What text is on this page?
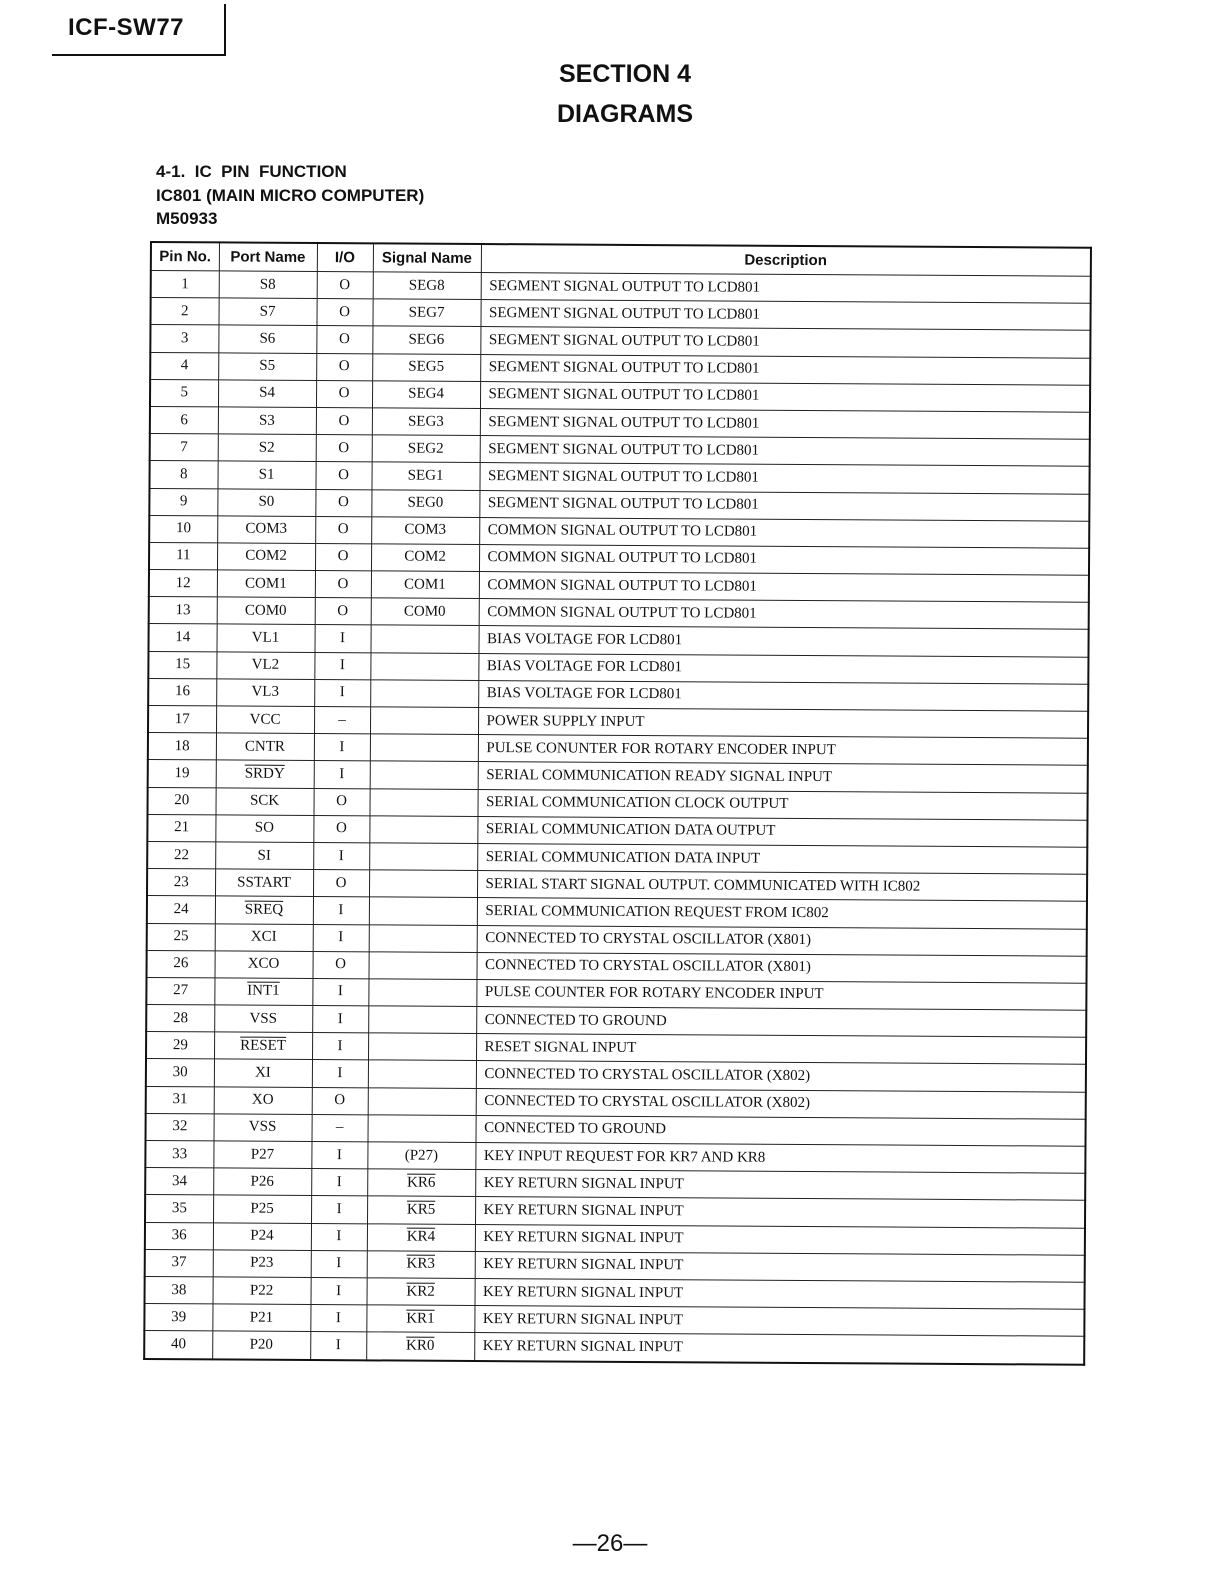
ICF-SW77
SECTION 4
DIAGRAMS
4-1.  IC  PIN  FUNCTION
IC801 (MAIN MICRO COMPUTER)
M50933
Pin No.	Port Name	I/O	Signal Name	Description
1	S8	O	SEG8	SEGMENT SIGNAL OUTPUT TO LCD801
2	S7	O	SEG7	SEGMENT SIGNAL OUTPUT TO LCD801
3	S6	O	SEG6	SEGMENT SIGNAL OUTPUT TO LCD801
4	S5	O	SEG5	SEGMENT SIGNAL OUTPUT TO LCD801
5	S4	O	SEG4	SEGMENT SIGNAL OUTPUT TO LCD801
6	S3	O	SEG3	SEGMENT SIGNAL OUTPUT TO LCD801
7	S2	O	SEG2	SEGMENT SIGNAL OUTPUT TO LCD801
8	S1	O	SEG1	SEGMENT SIGNAL OUTPUT TO LCD801
9	S0	O	SEG0	SEGMENT SIGNAL OUTPUT TO LCD801
10	COM3	O	COM3	COMMON SIGNAL OUTPUT TO LCD801
11	COM2	O	COM2	COMMON SIGNAL OUTPUT TO LCD801
12	COM1	O	COM1	COMMON SIGNAL OUTPUT TO LCD801
13	COM0	O	COM0	COMMON SIGNAL OUTPUT TO LCD801
14	VL1	I		BIAS VOLTAGE FOR LCD801
15	VL2	I		BIAS VOLTAGE FOR LCD801
16	VL3	I		BIAS VOLTAGE FOR LCD801
17	VCC	–		POWER SUPPLY INPUT
18	CNTR	I		PULSE CONUNTER FOR ROTARY ENCODER INPUT
19	SRDY	I		SERIAL COMMUNICATION READY SIGNAL INPUT
20	SCK	O		SERIAL COMMUNICATION CLOCK OUTPUT
21	SO	O		SERIAL COMMUNICATION DATA OUTPUT
22	SI	I		SERIAL COMMUNICATION DATA INPUT
23	SSTART	O		SERIAL START SIGNAL OUTPUT. COMMUNICATED WITH IC802
24	SREQ	I		SERIAL COMMUNICATION REQUEST FROM IC802
25	XCI	I		CONNECTED TO CRYSTAL OSCILLATOR (X801)
26	XCO	O		CONNECTED TO CRYSTAL OSCILLATOR (X801)
27	INT1	I		PULSE COUNTER FOR ROTARY ENCODER INPUT
28	VSS	I		CONNECTED TO GROUND
29	RESET	I		RESET SIGNAL INPUT
30	XI	I		CONNECTED TO CRYSTAL OSCILLATOR (X802)
31	XO	O		CONNECTED TO CRYSTAL OSCILLATOR (X802)
32	VSS	–		CONNECTED TO GROUND
33	P27	I	(P27)	KEY INPUT REQUEST FOR KR7 AND KR8
34	P26	I	KR6	KEY RETURN SIGNAL INPUT
35	P25	I	KR5	KEY RETURN SIGNAL INPUT
36	P24	I	KR4	KEY RETURN SIGNAL INPUT
37	P23	I	KR3	KEY RETURN SIGNAL INPUT
38	P22	I	KR2	KEY RETURN SIGNAL INPUT
39	P21	I	KR1	KEY RETURN SIGNAL INPUT
40	P20	I	KR0	KEY RETURN SIGNAL INPUT
—26—
